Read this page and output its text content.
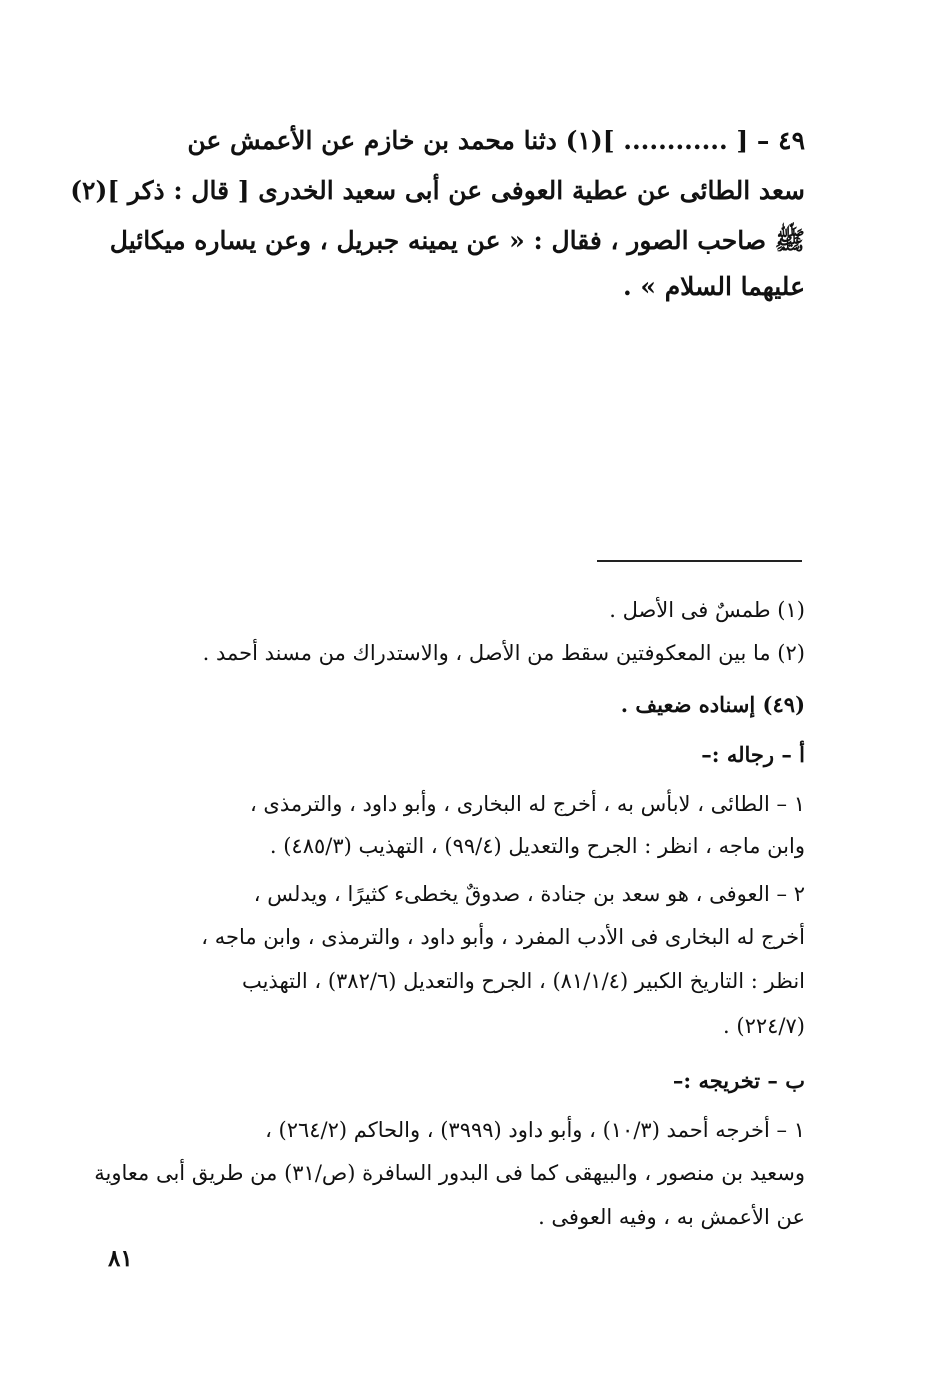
٤٩ – [ ............ ](١) دثنا محمد بن خازم عن الأعمش عن
سعد الطائى عن عطية العوفى عن أبى سعيد الخدرى [ قال : ذكر ](٢)
ﷺ صاحب الصور ، فقال : « عن يمينه جبريل ، وعن يساره ميكائيل
عليهما السلام » .
(١) طمسٌ فى الأصل .
(٢) ما بين المعكوفتين سقط من الأصل ، والاستدراك من مسند أحمد .
(٤٩) إسناده ضعيف .
أ – رجاله :–
١ – الطائى ، لابأس به ، أخرج له البخارى ، وأبو داود ، والترمذى ،
وابن ماجه ، انظر : الجرح والتعديل (٩٩/٤) ، التهذيب (٤٨٥/٣) .
٢ – العوفى ، هو سعد بن جنادة ، صدوقٌ يخطىء كثيرًا ، ويدلس ،
أخرج له البخارى فى الأدب المفرد ، وأبو داود ، والترمذى ، وابن ماجه ،
انظر : التاريخ الكبير (٨١/١/٤) ، الجرح والتعديل (٣٨٢/٦) ، التهذيب
(٢٢٤/٧) .
ب – تخريجه :–
١ – أخرجه أحمد (١٠/٣) ، وأبو داود (٣٩٩٩) ، والحاكم (٢٦٤/٢) ،
وسعيد بن منصور ، والبيهقى كما فى البدور السافرة (ص/٣١) من طريق أبى معاوية
عن الأعمش به ، وفيه العوفى .
٨١
